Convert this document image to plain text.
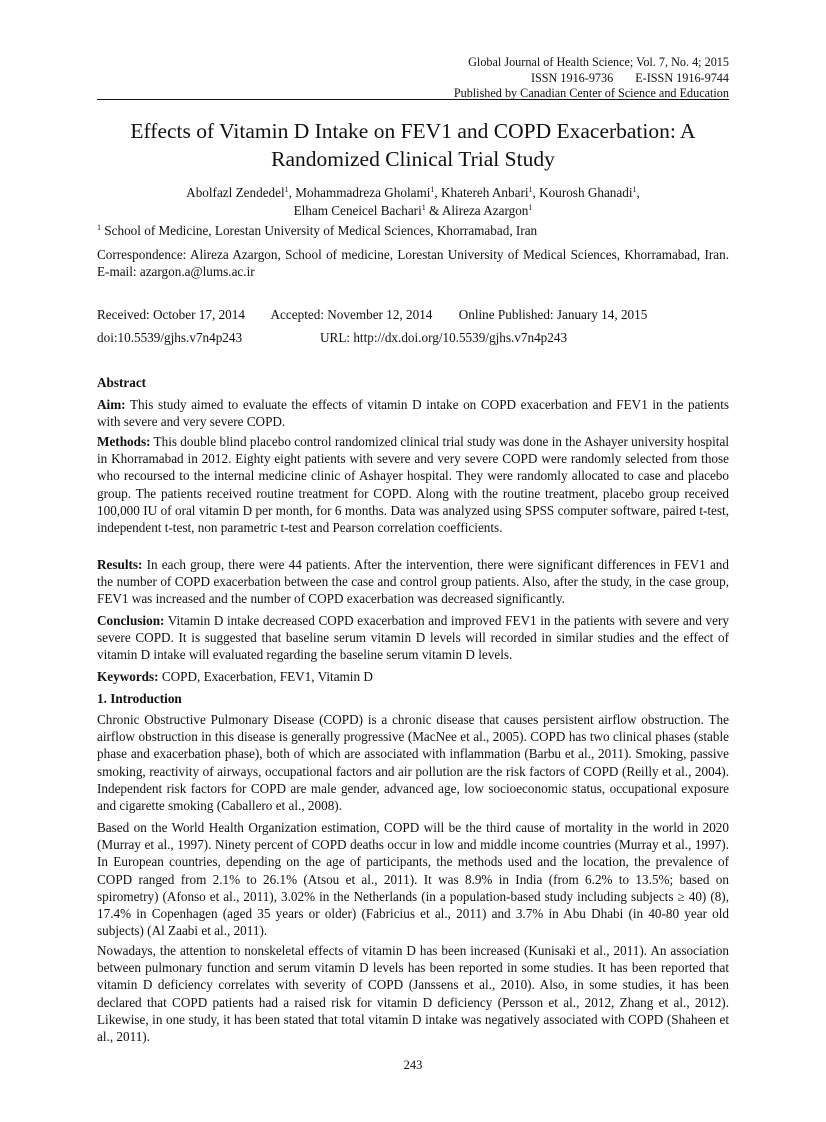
Global Journal of Health Science; Vol. 7, No. 4; 2015
ISSN 1916-9736 E-ISSN 1916-9744
Published by Canadian Center of Science and Education
Effects of Vitamin D Intake on FEV1 and COPD Exacerbation: A Randomized Clinical Trial Study
Abolfazl Zendedel$^1$, Mohammadreza Gholami$^1$, Khatereh Anbari$^1$, Kourosh Ghanadi$^1$,
Elham Ceneicel Bachari$^1$ & Alireza Azargon$^1$
$^1$ School of Medicine, Lorestan University of Medical Sciences, Khorramabad, Iran
Correspondence: Alireza Azargon, School of medicine, Lorestan University of Medical Sciences, Khorramabad, Iran. E-mail: azargon.a@lums.ac.ir
Received: October 17, 2014 Accepted: November 12, 2014 Online Published: January 14, 2015
doi:10.5539/gjhs.v7n4p243	URL: http://dx.doi.org/10.5539/gjhs.v7n4p243
Abstract
Aim: This study aimed to evaluate the effects of vitamin D intake on COPD exacerbation and FEV1 in the patients with severe and very severe COPD.
Methods: This double blind placebo control randomized clinical trial study was done in the Ashayer university hospital in Khorramabad in 2012. Eighty eight patients with severe and very severe COPD were randomly selected from those who recoursed to the internal medicine clinic of Ashayer hospital. They were randomly allocated to case and placebo group. The patients received routine treatment for COPD. Along with the routine treatment, placebo group received 100,000 IU of oral vitamin D per month, for 6 months. Data was analyzed using SPSS computer software, paired t-test, independent t-test, non parametric t-test and Pearson correlation coefficients.
Results: In each group, there were 44 patients. After the intervention, there were significant differences in FEV1 and the number of COPD exacerbation between the case and control group patients. Also, after the study, in the case group, FEV1 was increased and the number of COPD exacerbation was decreased significantly.
Conclusion: Vitamin D intake decreased COPD exacerbation and improved FEV1 in the patients with severe and very severe COPD. It is suggested that baseline serum vitamin D levels will recorded in similar studies and the effect of vitamin D intake will evaluated regarding the baseline serum vitamin D levels.
Keywords: COPD, Exacerbation, FEV1, Vitamin D
1. Introduction
Chronic Obstructive Pulmonary Disease (COPD) is a chronic disease that causes persistent airflow obstruction. The airflow obstruction in this disease is generally progressive (MacNee et al., 2005). COPD has two clinical phases (stable phase and exacerbation phase), both of which are associated with inflammation (Barbu et al., 2011). Smoking, passive smoking, reactivity of airways, occupational factors and air pollution are the risk factors of COPD (Reilly et al., 2004). Independent risk factors for COPD are male gender, advanced age, low socioeconomic status, occupational exposure and cigarette smoking (Caballero et al., 2008).
Based on the World Health Organization estimation, COPD will be the third cause of mortality in the world in 2020 (Murray et al., 1997). Ninety percent of COPD deaths occur in low and middle income countries (Murray et al., 1997). In European countries, depending on the age of participants, the methods used and the location, the prevalence of COPD ranged from 2.1% to 26.1% (Atsou et al., 2011). It was 8.9% in India (from 6.2% to 13.5%; based on spirometry) (Afonso et al., 2011), 3.02% in the Netherlands (in a population-based study including subjects ≥ 40) (8), 17.4% in Copenhagen (aged 35 years or older) (Fabricius et al., 2011) and 3.7% in Abu Dhabi (in 40-80 year old subjects) (Al Zaabi et al., 2011).
Nowadays, the attention to nonskeletal effects of vitamin D has been increased (Kunisaki et al., 2011). An association between pulmonary function and serum vitamin D levels has been reported in some studies. It has been reported that vitamin D deficiency correlates with severity of COPD (Janssens et al., 2010). Also, in some studies, it has been declared that COPD patients had a raised risk for vitamin D deficiency (Persson et al., 2012, Zhang et al., 2012). Likewise, in one study, it has been stated that total vitamin D intake was negatively associated with COPD (Shaheen et al., 2011).
243
